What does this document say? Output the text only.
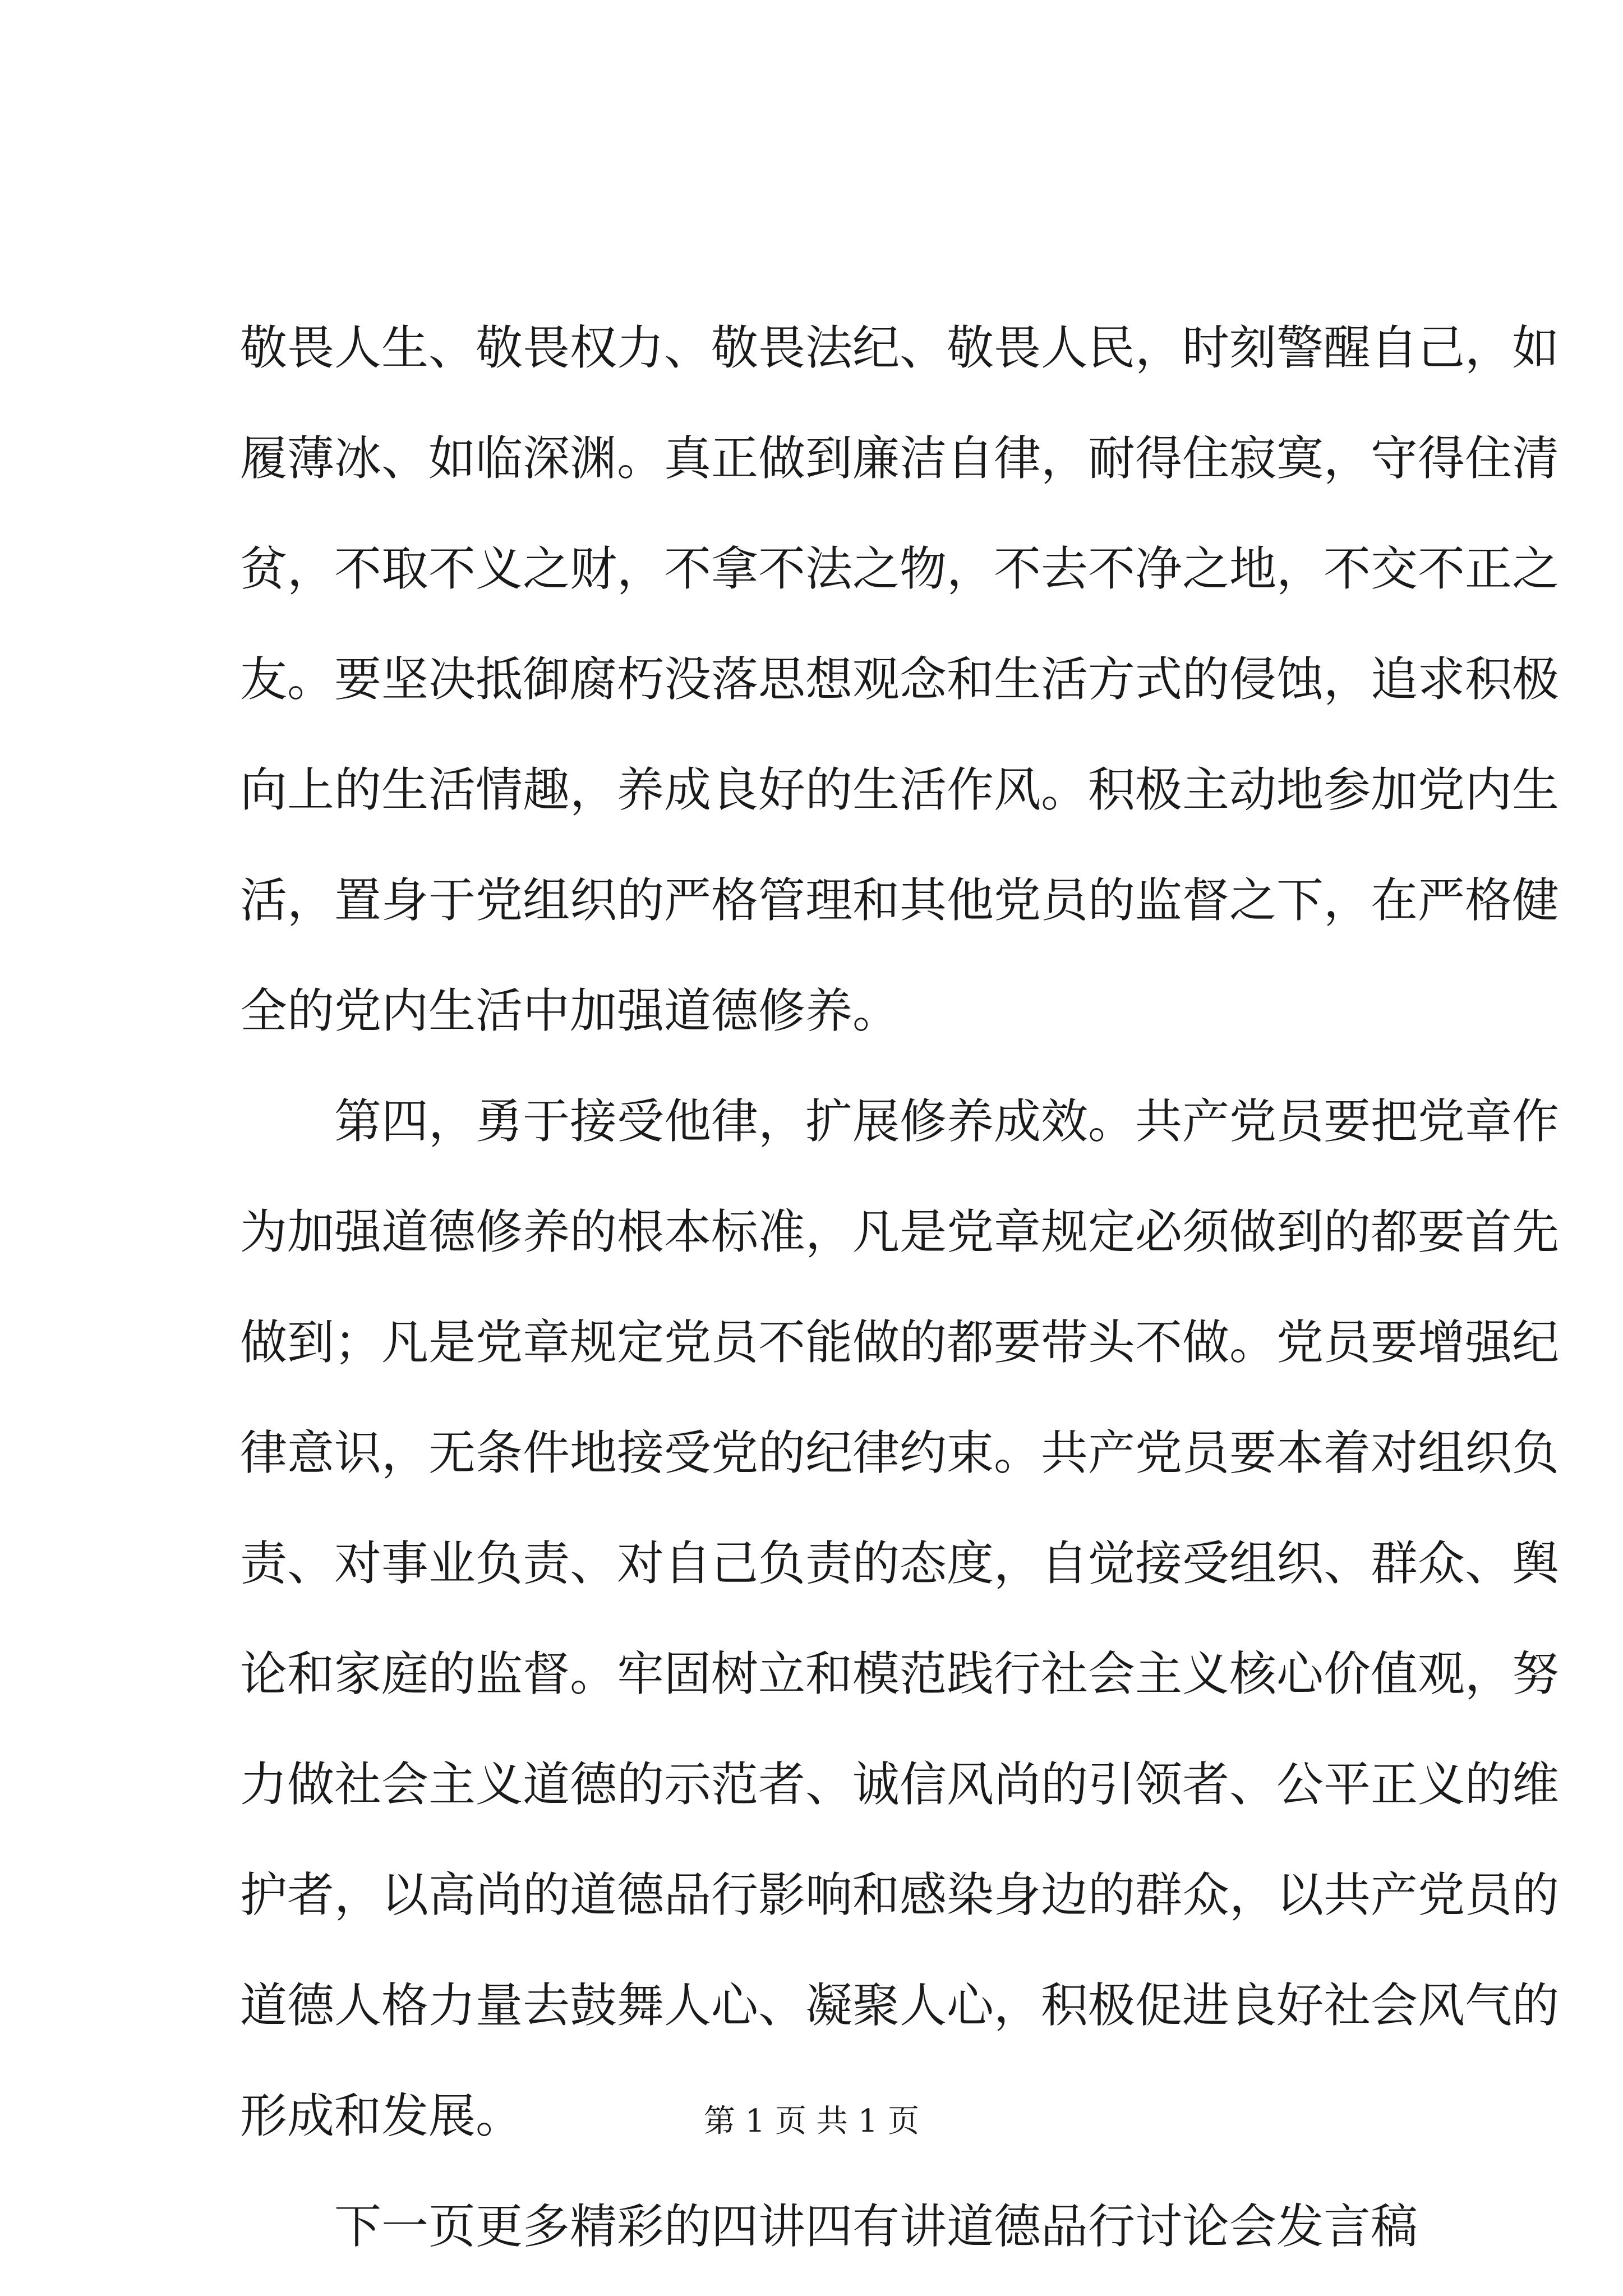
敬畏人生、敬畏权力、敬畏法纪、敬畏人民，时刻警醒自己，如
履薄冰、如临深渊。真正做到廉洁自律，耐得住寂寞，守得住清
贫，不取不义之财，不拿不法之物，不去不净之地，不交不正之
友。要坚决抵御腐朽没落思想观念和生活方式的侵蚀，追求积极
向上的生活情趣，养成良好的生活作风。积极主动地参加党内生
活，置身于党组织的严格管理和其他党员的监督之下，在严格健
全的党内生活中加强道德修养。
　　第四，勇于接受他律，扩展修养成效。共产党员要把党章作
为加强道德修养的根本标准，凡是党章规定必须做到的都要首先
做到；凡是党章规定党员不能做的都要带头不做。党员要增强纪
律意识，无条件地接受党的纪律约束。共产党员要本着对组织负
责、对事业负责、对自己负责的态度，自觉接受组织、群众、舆
论和家庭的监督。牢固树立和模范践行社会主义核心价值观，努
力做社会主义道德的示范者、诚信风尚的引领者、公平正义的维
护者，以高尚的道德品行影响和感染身边的群众，以共产党员的
道德人格力量去鼓舞人心、凝聚人心，积极促进良好社会风气的
形成和发展。
　　下一页更多精彩的四讲四有讲道德品行讨论会发言稿
第 1 页 共 1 页
